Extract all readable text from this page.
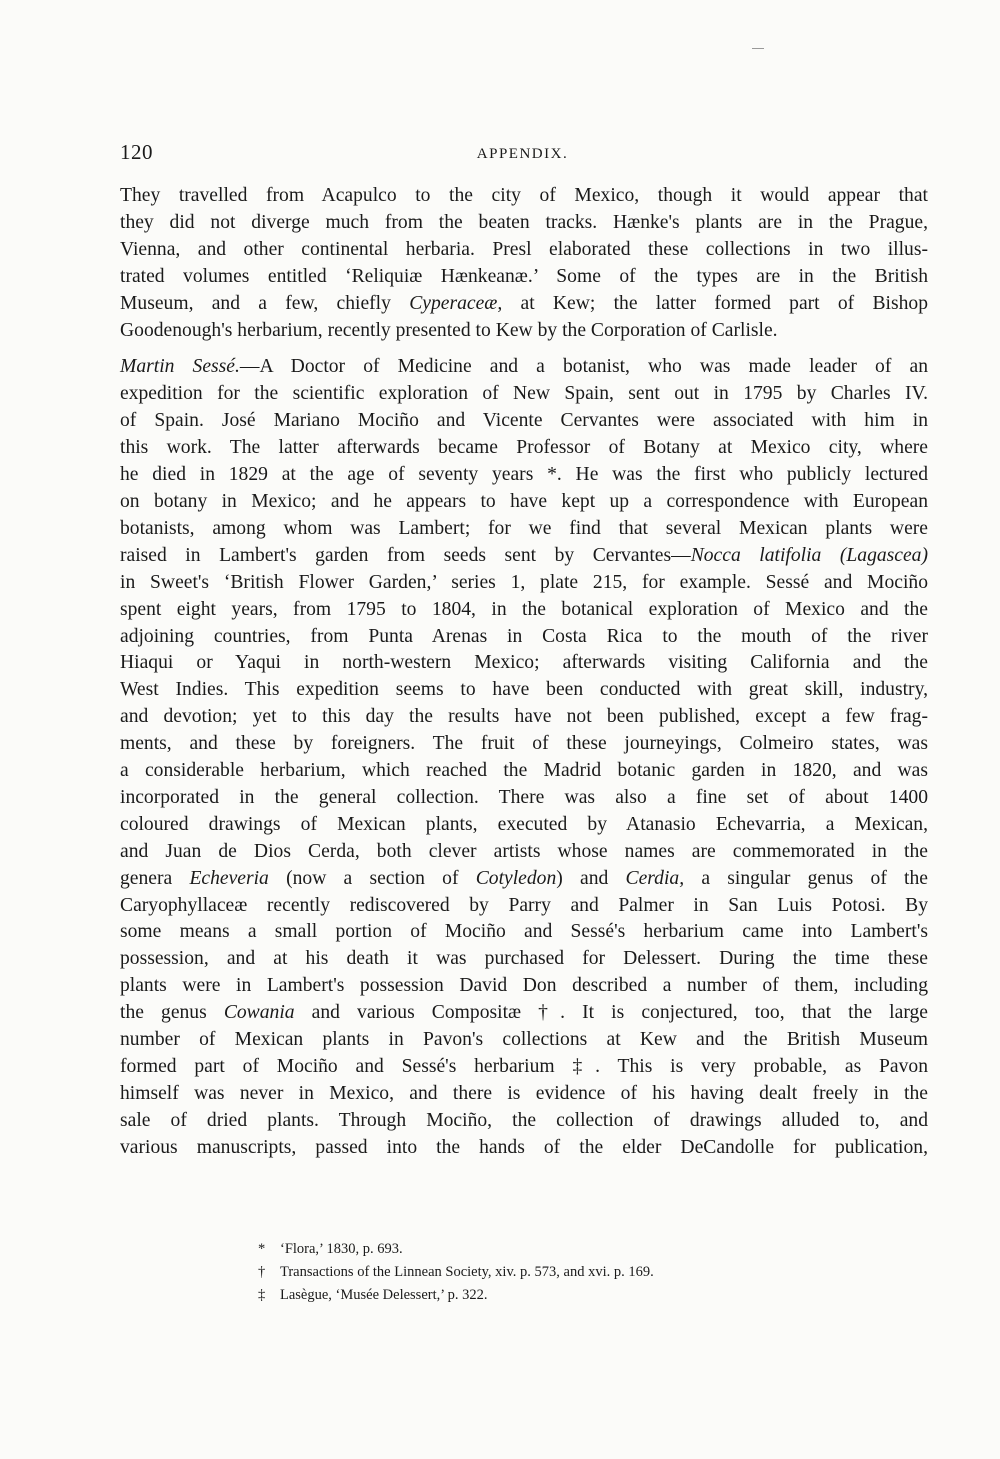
120	APPENDIX.
They travelled from Acapulco to the city of Mexico, though it would appear that
they did not diverge much from the beaten tracks. Hænke's plants are in the Prague,
Vienna, and other continental herbaria. Presl elaborated these collections in two illus-
trated volumes entitled ‘Reliquiæ Hænkeanæ.’ Some of the types are in the British
Museum, and a few, chiefly Cyperaceæ, at Kew; the latter formed part of Bishop
Goodenough's herbarium, recently presented to Kew by the Corporation of Carlisle.
Martin Sessé.—A Doctor of Medicine and a botanist, who was made leader of an
expedition for the scientific exploration of New Spain, sent out in 1795 by Charles IV.
of Spain. José Mariano Mociño and Vicente Cervantes were associated with him in
this work. The latter afterwards became Professor of Botany at Mexico city, where
he died in 1829 at the age of seventy years *. He was the first who publicly lectured
on botany in Mexico; and he appears to have kept up a correspondence with European
botanists, among whom was Lambert; for we find that several Mexican plants were
raised in Lambert's garden from seeds sent by Cervantes—Nocca latifolia (Lagascea)
in Sweet's ‘British Flower Garden,’ series 1, plate 215, for example. Sessé and Mociño
spent eight years, from 1795 to 1804, in the botanical exploration of Mexico and the
adjoining countries, from Punta Arenas in Costa Rica to the mouth of the river
Hiaqui or Yaqui in north-western Mexico; afterwards visiting California and the
West Indies. This expedition seems to have been conducted with great skill, industry,
and devotion; yet to this day the results have not been published, except a few frag-
ments, and these by foreigners. The fruit of these journeyings, Colmeiro states, was
a considerable herbarium, which reached the Madrid botanic garden in 1820, and was
incorporated in the general collection. There was also a fine set of about 1400
coloured drawings of Mexican plants, executed by Atanasio Echevarria, a Mexican,
and Juan de Dios Cerda, both clever artists whose names are commemorated in the
genera Echeveria (now a section of Cotyledon) and Cerdia, a singular genus of the
Caryophyllaceæ recently rediscovered by Parry and Palmer in San Luis Potosi. By
some means a small portion of Mociño and Sessé's herbarium came into Lambert's
possession, and at his death it was purchased for Delessert. During the time these
plants were in Lambert's possession David Don described a number of them, including
the genus Cowania and various Compositæ †. It is conjectured, too, that the large
number of Mexican plants in Pavon's collections at Kew and the British Museum
formed part of Mociño and Sessé's herbarium ‡. This is very probable, as Pavon
himself was never in Mexico, and there is evidence of his having dealt freely in the
sale of dried plants. Through Mociño, the collection of drawings alluded to, and
various manuscripts, passed into the hands of the elder DeCandolle for publication,
* ‘Flora,’ 1830, p. 693.
† Transactions of the Linnean Society, xiv. p. 573, and xvi. p. 169.
‡ Lasègue, ‘Musée Delessert,’ p. 322.
